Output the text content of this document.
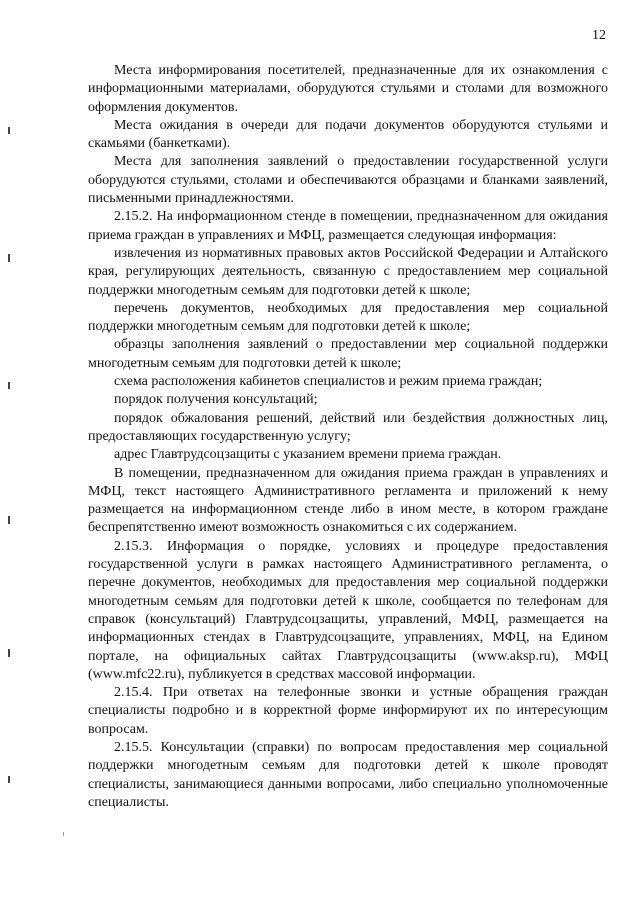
12

Места информирования посетителей, предназначенные для их ознакомления с информационными материалами, оборудуются стульями и столами для возможного оформления документов.

Места ожидания в очереди для подачи документов оборудуются стульями и скамьями (банкетками).

Места для заполнения заявлений о предоставлении государственной услуги оборудуются стульями, столами и обеспечиваются образцами и бланками заявлений, письменными принадлежностями.

2.15.2. На информационном стенде в помещении, предназначенном для ожидания приема граждан в управлениях и МФЦ, размещается следующая информация:

извлечения из нормативных правовых актов Российской Федерации и Алтайского края, регулирующих деятельность, связанную с предоставлением мер социальной поддержки многодетным семьям для подготовки детей к школе;

перечень документов, необходимых для предоставления мер социальной поддержки многодетным семьям для подготовки детей к школе;

образцы заполнения заявлений о предоставлении мер социальной поддержки многодетным семьям для подготовки детей к школе;

схема расположения кабинетов специалистов и режим приема граждан;

порядок получения консультаций;

порядок обжалования решений, действий или бездействия должностных лиц, предоставляющих государственную услугу;

адрес Главтрудсоцзащиты с указанием времени приема граждан.

В помещении, предназначенном для ожидания приема граждан в управлениях и МФЦ, текст настоящего Административного регламента и приложений к нему размещается на информационном стенде либо в ином месте, в котором граждане беспрепятственно имеют возможность ознакомиться с их содержанием.

2.15.3. Информация о порядке, условиях и процедуре предоставления государственной услуги в рамках настоящего Административного регламента, о перечне документов, необходимых для предоставления мер социальной поддержки многодетным семьям для подготовки детей к школе, сообщается по телефонам для справок (консультаций) Главтрудсоцзащиты, управлений, МФЦ, размещается на информационных стендах в Главтрудсоцзащите, управлениях, МФЦ, на Едином портале, на официальных сайтах Главтрудсоцзащиты (www.aksp.ru), МФЦ (www.mfc22.ru), публикуется в средствах массовой информации.

2.15.4. При ответах на телефонные звонки и устные обращения граждан специалисты подробно и в корректной форме информируют их по интересующим вопросам.

2.15.5. Консультации (справки) по вопросам предоставления мер социальной поддержки многодетным семьям для подготовки детей к школе проводят специалисты, занимающиеся данными вопросами, либо специально уполномоченные специалисты.
